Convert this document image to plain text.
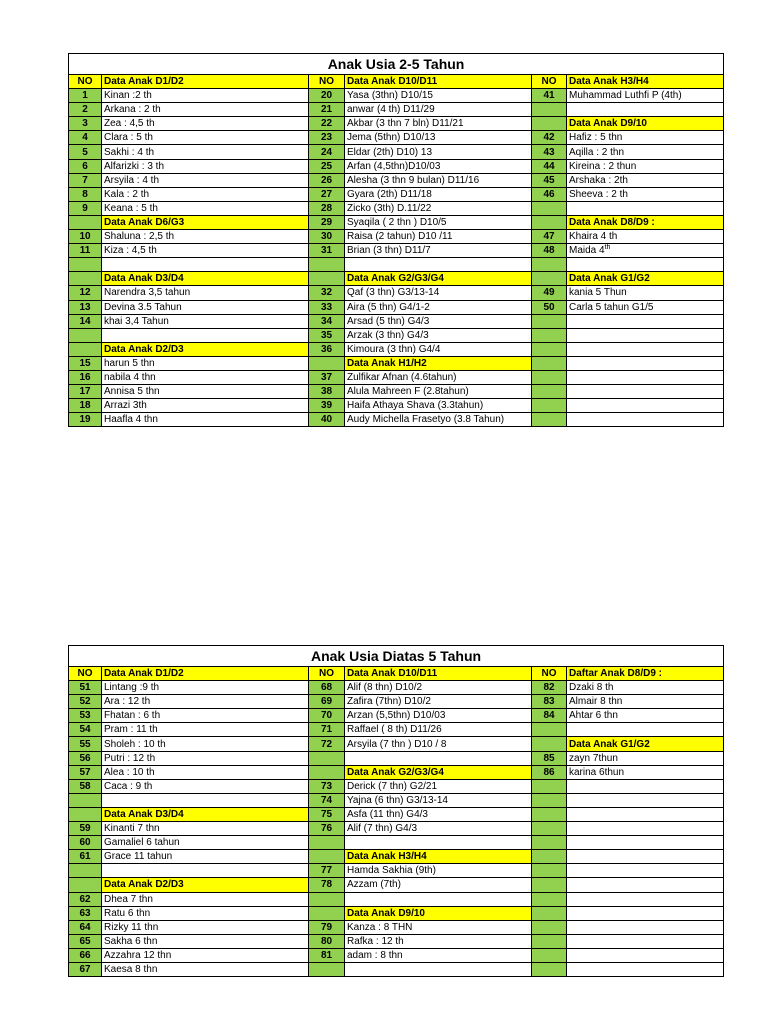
Anak Usia 2-5 Tahun					
NO	Data Anak D1/D2	NO	Data Anak D10/D11	NO	Data Anak H3/H4
1	Kinan :2 th	20	Yasa (3thn) D10/15	41	Muhammad Luthfi P (4th)
2	Arkana : 2 th	21	anwar (4 th) D11/29		
3	Zea : 4,5 th	22	Akbar (3 thn 7 bln) D11/21		Data Anak D9/10
4	Clara : 5 th	23	Jema (5thn) D10/13	42	Hafiz : 5 thn
5	Sakhi : 4 th	24	Eldar (2th) D10) 13	43	Aqilla : 2 thn
6	Alfarizki : 3 th	25	Arfan (4,5thn)D10/03	44	Kireina : 2 thun
7	Arsyila : 4 th	26	Alesha (3 thn 9 bulan) D11/16	45	Arshaka : 2th
8	Kala : 2 th	27	Gyara (2th) D11/18	46	Sheeva : 2 th
9	Keana : 5 th	28	Zicko (3th) D.11/22		
	Data Anak D6/G3	29	Syaqila ( 2 thn ) D10/5		Data Anak D8/D9 :
10	Shaluna : 2,5 th	30	Raisa (2 tahun) D10 /11	47	Khaira 4 th
11	Kiza : 4,5 th	31	Brian (3 thn) D11/7	48	Maida 4th

	Data Anak D3/D4		Data Anak G2/G3/G4		Data Anak G1/G2
12	Narendra 3,5 tahun	32	Qaf (3 thn) G3/13-14	49	kania 5 Thun
13	Devina 3.5 Tahun	33	Aira (5 thn) G4/1-2	50	Carla 5 tahun G1/5
14	khai 3,4 Tahun	34	Arsad (5 thn) G4/3		
		35	Arzak (3 thn) G4/3		
	Data Anak D2/D3	36	Kimoura (3 thn) G4/4		
15	harun 5 thn		Data Anak H1/H2		
16	nabila 4 thn	37	Zulfikar Afnan (4.6tahun)		
17	Annisa 5 thn	38	Alula Mahreen F (2.8tahun)		
18	Arrazi 3th	39	Haifa Athaya Shava (3.3tahun)		
19	Haafla 4 thn	40	Audy Michella Frasetyo (3.8 Tahun)		
Anak Usia Diatas 5 Tahun					
NO	Data Anak D1/D2	NO	Data Anak D10/D11	NO	Daftar Anak D8/D9 :
51	Lintang :9 th	68	Alif (8 thn) D10/2	82	Dzaki 8 th
52	Ara : 12 th	69	Zafira (7thn) D10/2	83	Almair 8 thn
53	Fhatan : 6 th	70	Arzan (5,5thn) D10/03	84	Ahtar 6 thn
54	Pram : 11 th	71	Raffael ( 8 th) D11/26		
55	Sholeh : 10 th	72	Arsyila (7 thn ) D10 / 8		Data Anak G1/G2
56	Putri : 12 th			85	zayn 7thun
57	Alea : 10 th		Data Anak G2/G3/G4	86	karina 6thun
58	Caca : 9 th	73	Derick (7 thn) G2/21		
		74	Yajna (6 thn) G3/13-14		
	Data Anak D3/D4	75	Asfa (11 thn) G4/3		
59	Kinanti 7 thn	76	Alif (7 thn) G4/3		
60	Gamaliel 6 tahun				
61	Grace 11 tahun		Data Anak H3/H4		
		77	Hamda Sakhia (9th)		
	Data Anak D2/D3	78	Azzam (7th)		
62	Dhea 7 thn				
63	Ratu 6 thn		Data Anak D9/10		
64	Rizky 11 thn	79	Kanza : 8 THN		
65	Sakha 6 thn	80	Rafka : 12 th		
66	Azzahra 12 thn	81	adam : 8 thn		
67	Kaesa 8 thn				
